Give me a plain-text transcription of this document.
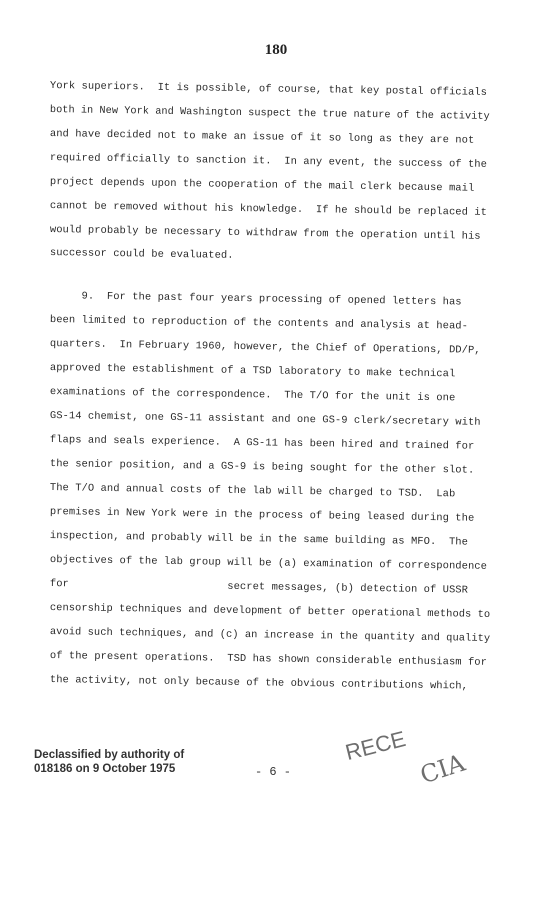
180
York superiors.  It is possible, of course, that key postal officials
both in New York and Washington suspect the true nature of the activity
and have decided not to make an issue of it so long as they are not
required officially to sanction it.  In any event, the success of the
project depends upon the cooperation of the mail clerk because mail
cannot be removed without his knowledge.  If he should be replaced it
would probably be necessary to withdraw from the operation until his
successor could be evaluated.
9.  For the past four years processing of opened letters has
been limited to reproduction of the contents and analysis at head-
quarters.  In February 1960, however, the Chief of Operations, DD/P,
approved the establishment of a TSD laboratory to make technical
examinations of the correspondence.  The T/O for the unit is one
GS-14 chemist, one GS-11 assistant and one GS-9 clerk/secretary with
flaps and seals experience.  A GS-11 has been hired and trained for
the senior position, and a GS-9 is being sought for the other slot.
The T/O and annual costs of the lab will be charged to TSD.  Lab
premises in New York were in the process of being leased during the
inspection, and probably will be in the same building as MFO.  The
objectives of the lab group will be (a) examination of correspondence
for                         secret messages, (b) detection of USSR
censorship techniques and development of better operational methods to
avoid such techniques, and (c) an increase in the quantity and quality
of the present operations.  TSD has shown considerable enthusiasm for
the activity, not only because of the obvious contributions which,
Declassified by authority of
018186 on 9 October 1975	- 6 -
RECE
CIA
